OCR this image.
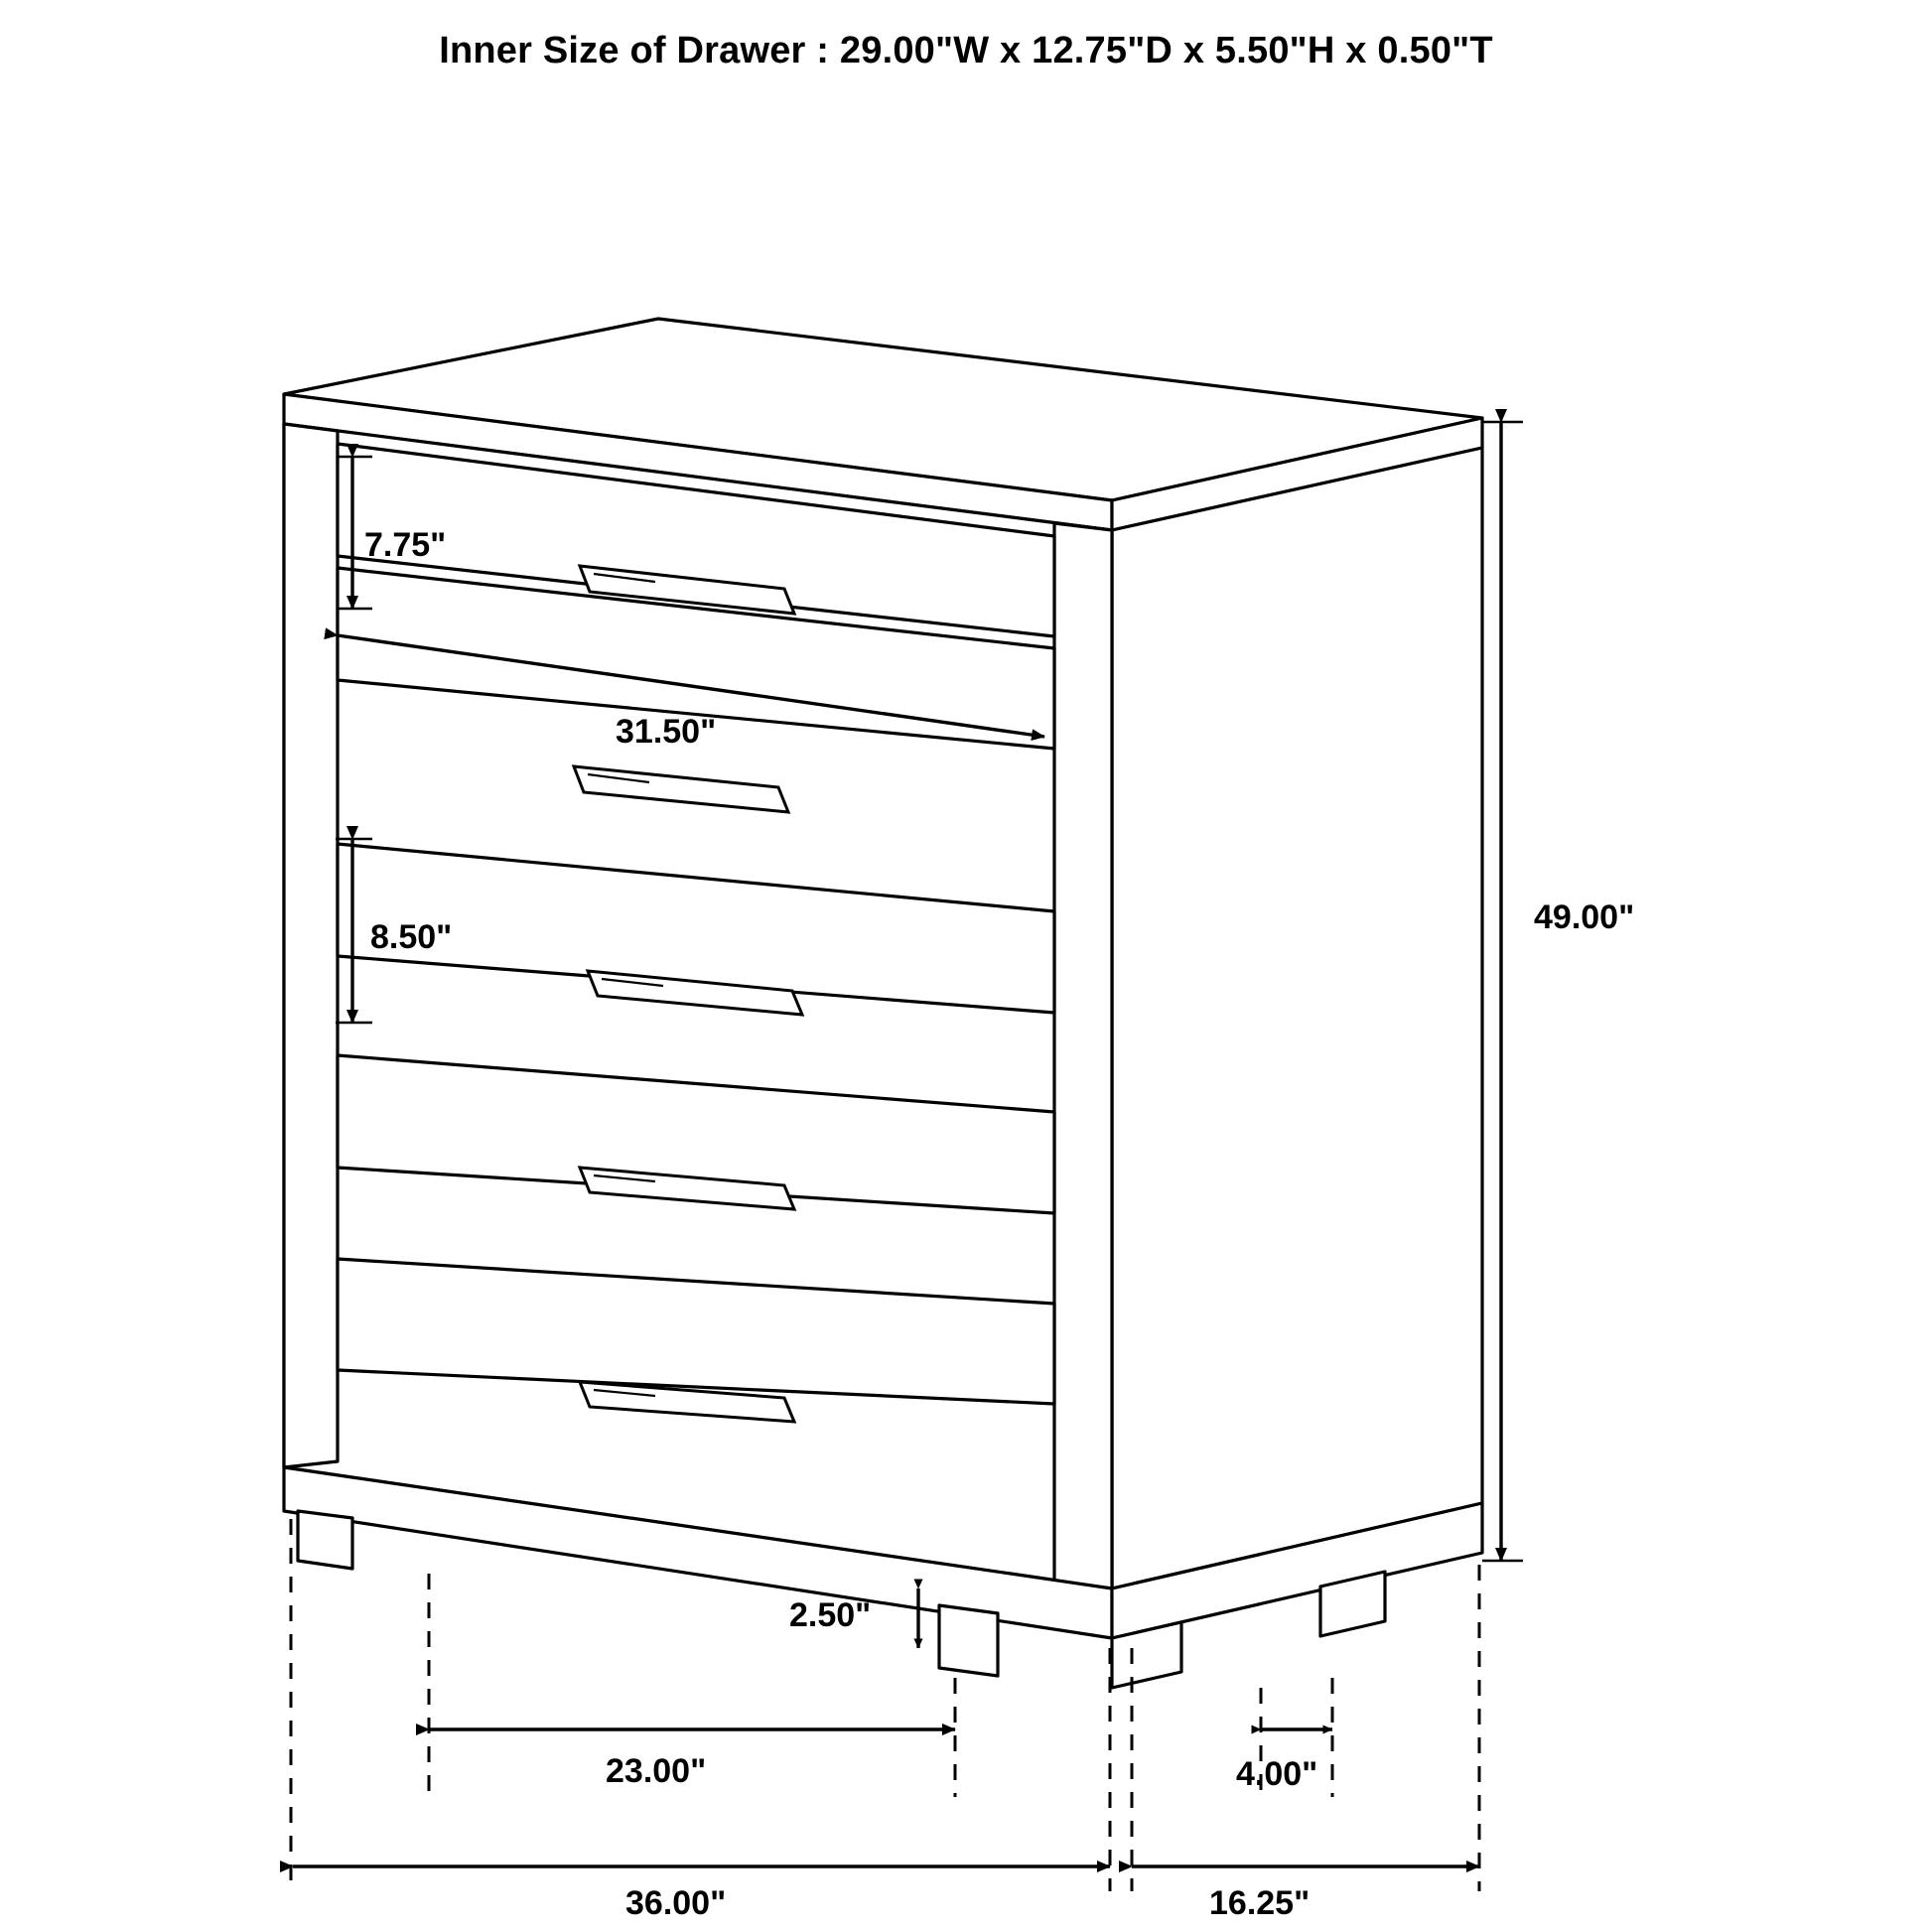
Inner Size of Drawer : 29.00"W x 12.75"D x 5.50"H x 0.50"T
7.75"
31.50"
8.50"
49.00"
2.50"
23.00"	4.00"
36.00"	16.25"
